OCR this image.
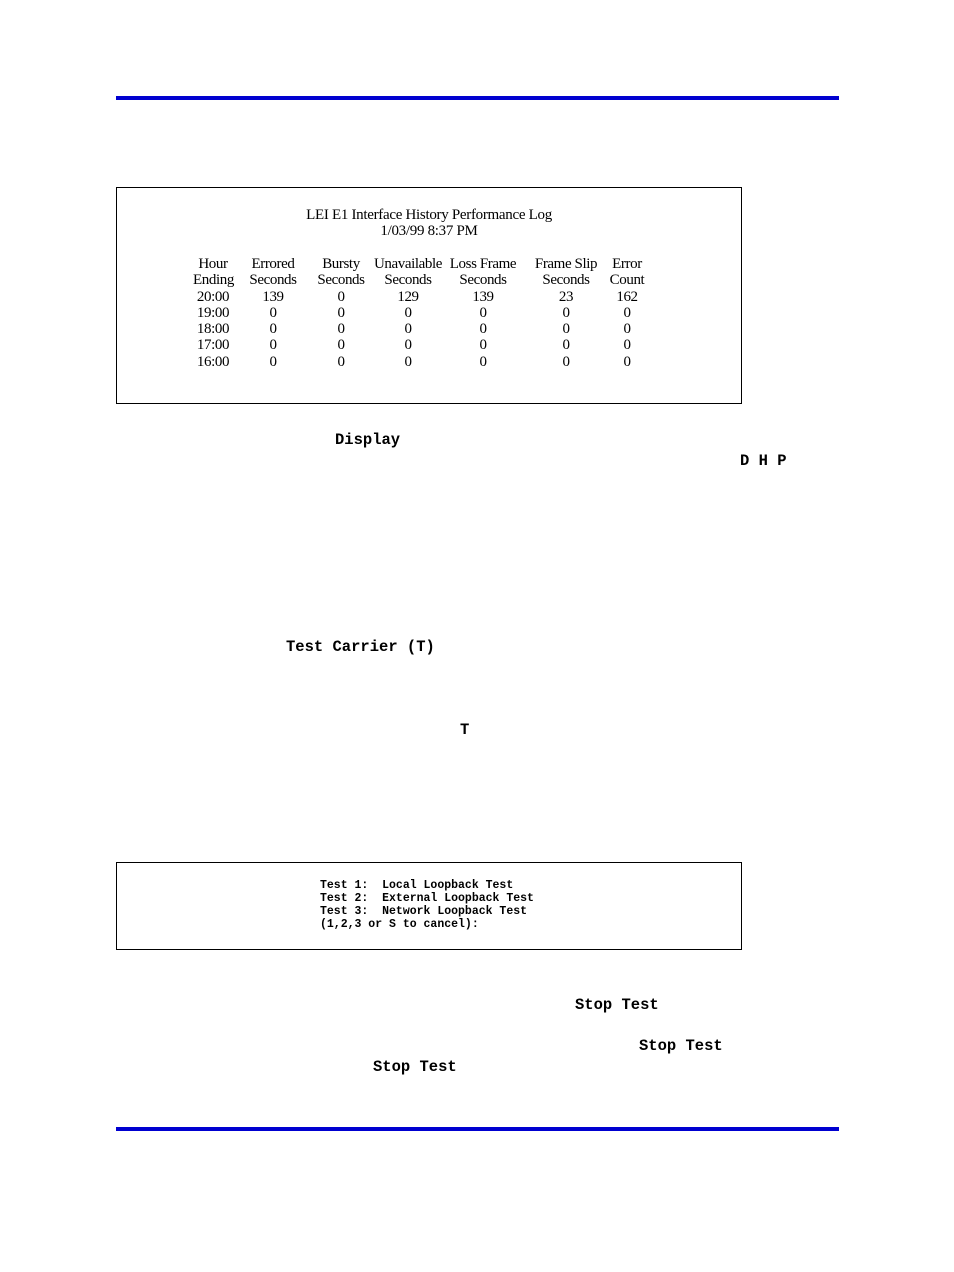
LEI E1 Interface History Performance Log
1/03/99 8:37 PM
Hour
Ending
20:00
19:00
18:00
17:00
16:00
Errored
Seconds
139
0
0
0
0
Bursty
Seconds
0
0
0
0
0
Unavailable
Seconds
129
0
0
0
0
Loss Frame
Seconds
139
0
0
0
0
Frame Slip
Seconds
23
0
0
0
0
Error
Count
162
0
0
0
0
Display
D H P
Test Carrier (T)
T
Test 1:  Local Loopback Test
Test 2:  External Loopback Test
Test 3:  Network Loopback Test
(1,2,3 or S to cancel):
Stop Test
Stop Test
Stop Test
